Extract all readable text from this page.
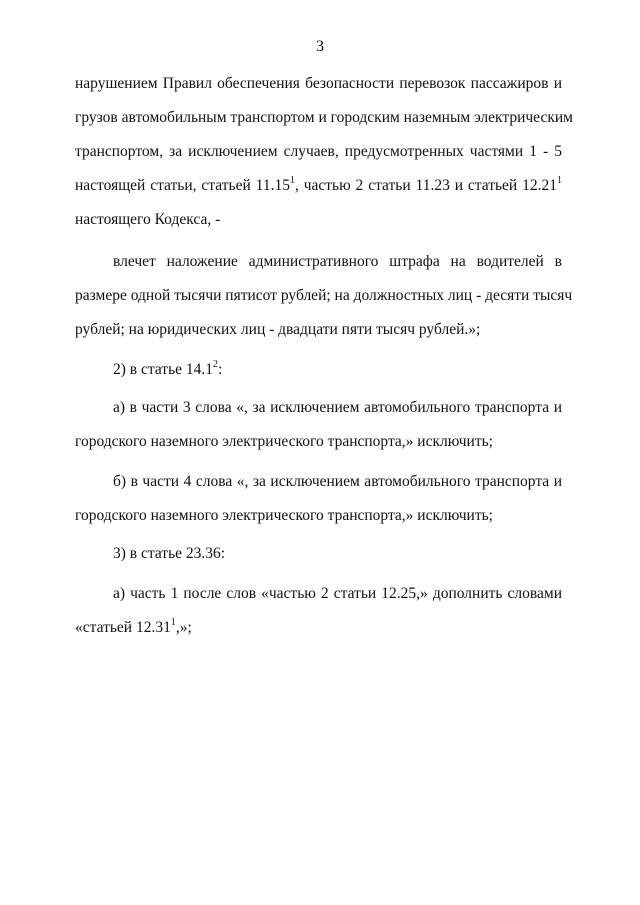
3
нарушением Правил обеспечения безопасности перевозок пассажиров и
грузов автомобильным транспортом и городским наземным электрическим
транспортом, за исключением случаев, предусмотренных частями 1 - 5
настоящей статьи, статьей 11.15$^1$, частью 2 статьи 11.23 и статьей 12.21$^1$
настоящего Кодекса, -
влечет наложение административного штрафа на водителей в
размере одной тысячи пятисот рублей; на должностных лиц - десяти тысяч
рублей; на юридических лиц - двадцати пяти тысяч рублей.»;
2) в статье 14.1$^2$:
а) в части 3 слова «, за исключением автомобильного транспорта и
городского наземного электрического транспорта,» исключить;
б) в части 4 слова «, за исключением автомобильного транспорта и
городского наземного электрического транспорта,» исключить;
3) в статье 23.36:
а) часть 1 после слов «частью 2 статьи 12.25,» дополнить словами
«статьей 12.31$^1$,»;
